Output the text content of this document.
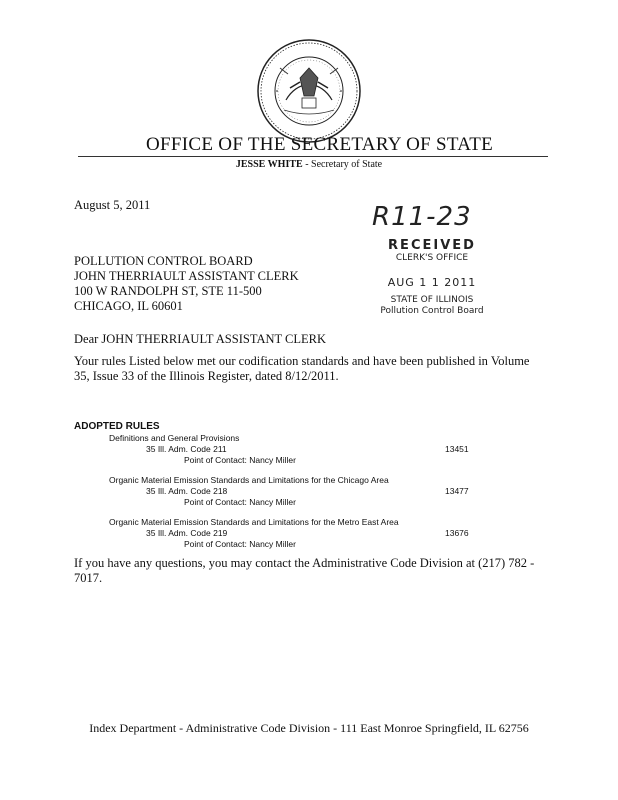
OFFICE OF THE SECRETARY OF STATE
JESSE WHITE - Secretary of State
August 5, 2011	R11-23
RECEIVED
CLERK'S OFFICE
AUG 1 1 2011
STATE OF ILLINOIS
Pollution Control Board
POLLUTION CONTROL BOARD
JOHN THERRIAULT ASSISTANT CLERK
100 W RANDOLPH ST, STE 11-500
CHICAGO, IL 60601
Dear JOHN THERRIAULT ASSISTANT CLERK
Your rules Listed below met our codification standards and have been published in Volume 35, Issue 33 of the Illinois Register, dated 8/12/2011.
ADOPTED RULES
Definitions and General Provisions
35 Ill. Adm. Code 211	13451
Point of Contact: Nancy Miller
Organic Material Emission Standards and Limitations for the Chicago Area
35 Ill. Adm. Code 218	13477
Point of Contact: Nancy Miller
Organic Material Emission Standards and Limitations for the Metro East Area
35 Ill. Adm. Code 219	13676
Point of Contact: Nancy Miller
If you have any questions, you may contact the Administrative Code Division at (217) 782 - 7017.
Index Department - Administrative Code Division - 111 East Monroe Springfield, IL 62756
